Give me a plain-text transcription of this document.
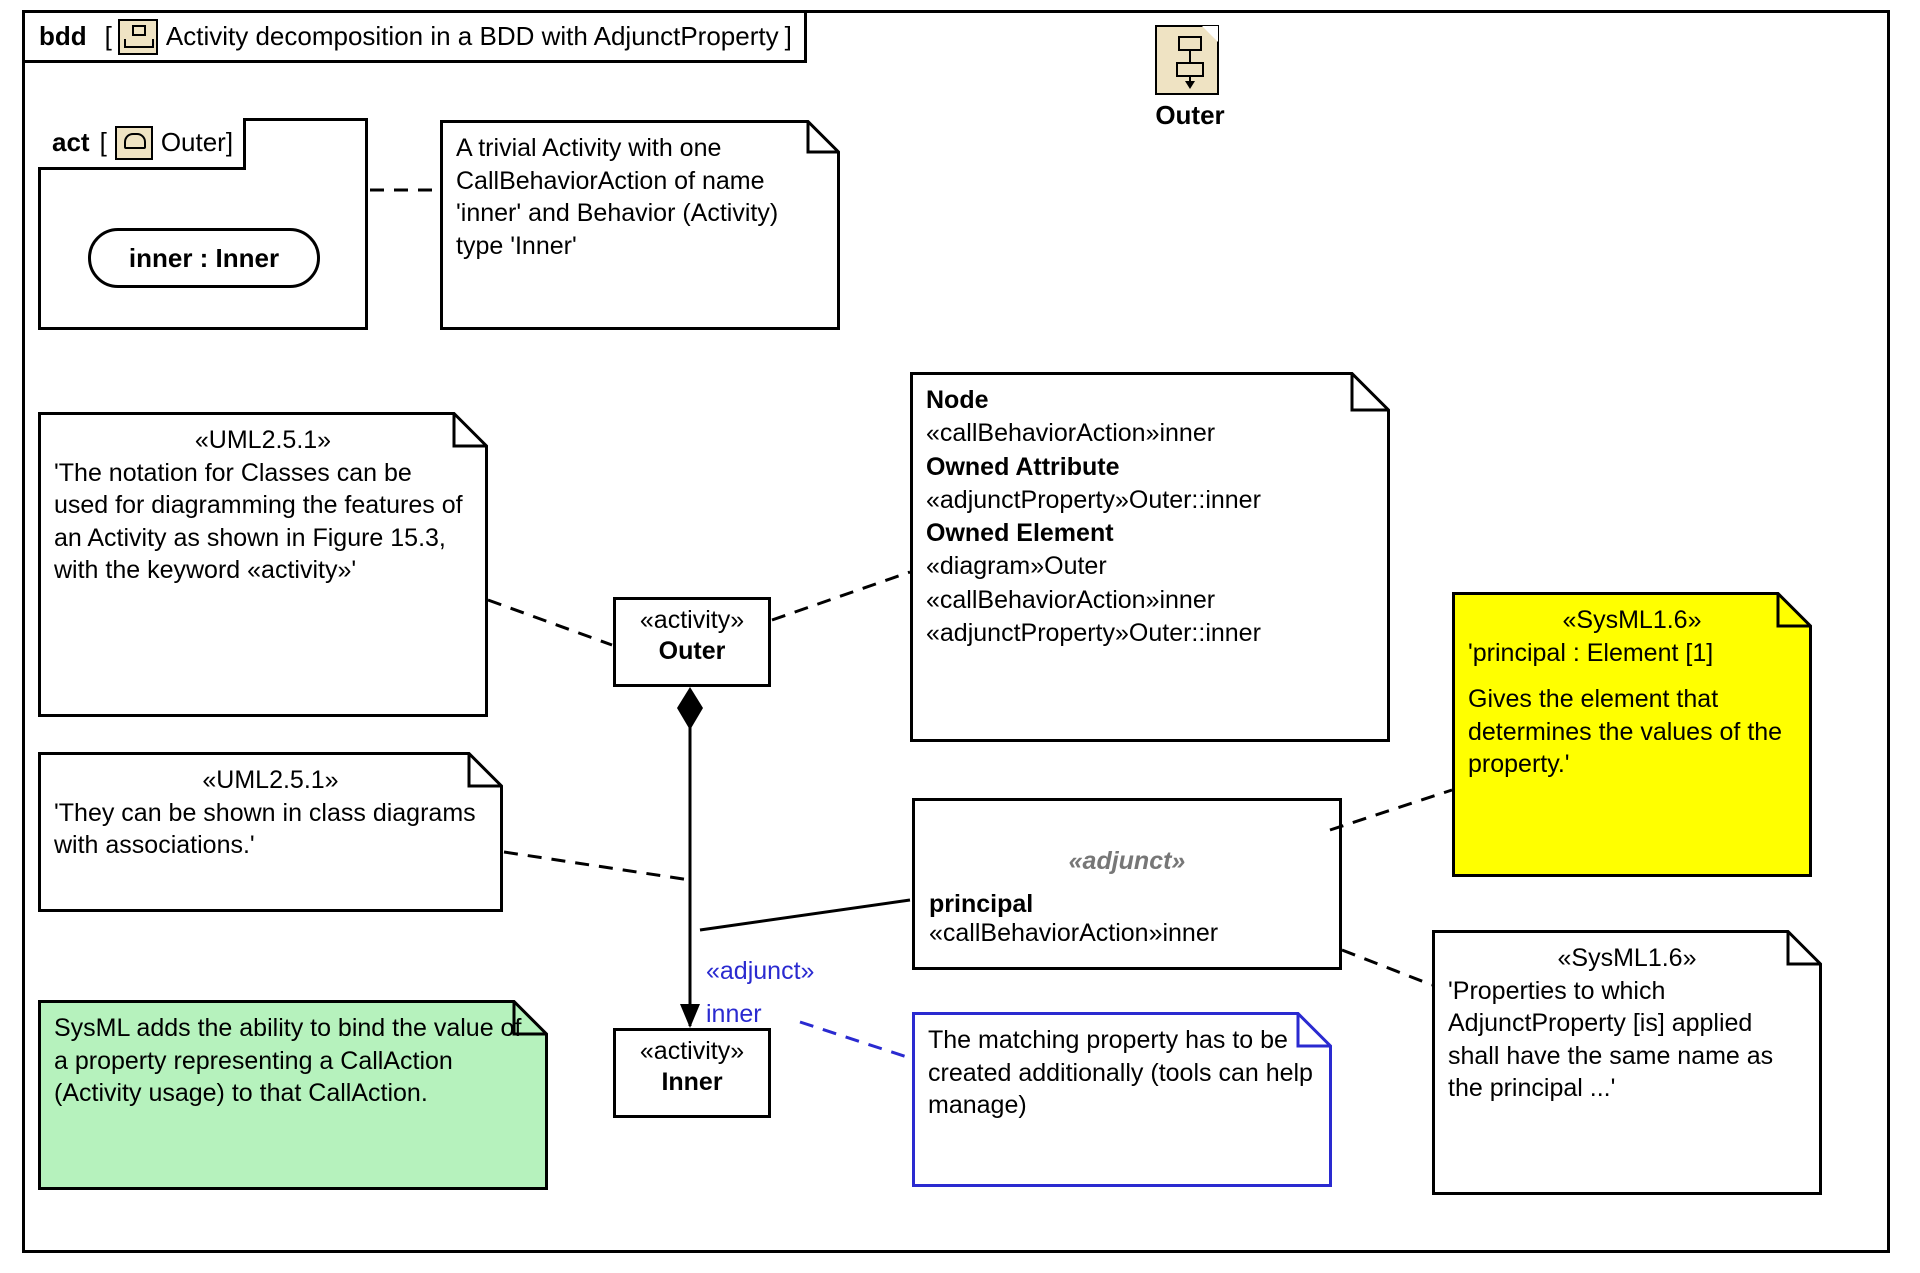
bdd [ Activity decomposition in a BDD with AdjunctProperty ]
act [ Outer ]
inner : Inner
Outer
A trivial Activity with one CallBehaviorAction of name 'inner' and Behavior (Activity) type 'Inner'
«UML2.5.1»
'The notation for Classes can be used for diagramming the features of an Activity as shown in Figure 15.3, with the keyword «activity»'
«UML2.5.1»
'They can be shown in class diagrams with associations.'
SysML adds the ability to bind the value of a property representing a CallAction (Activity usage) to that CallAction.
Node
«callBehaviorAction»inner
Owned Attribute
«adjunctProperty»Outer::inner
Owned Element
«diagram»Outer
«callBehaviorAction»inner
«adjunctProperty»Outer::inner	«SysML1.6»
'principal : Element [1]
Gives the element that determines the values of the property.'
«SysML1.6»
'Properties to which AdjunctProperty [is] applied shall have the same name as the principal ...'
The matching property has to be created additionally (tools can help manage)
«activity»
Outer
«activity»
Inner
«adjunct»
principal
«callBehaviorAction»inner
«adjunct»
inner
